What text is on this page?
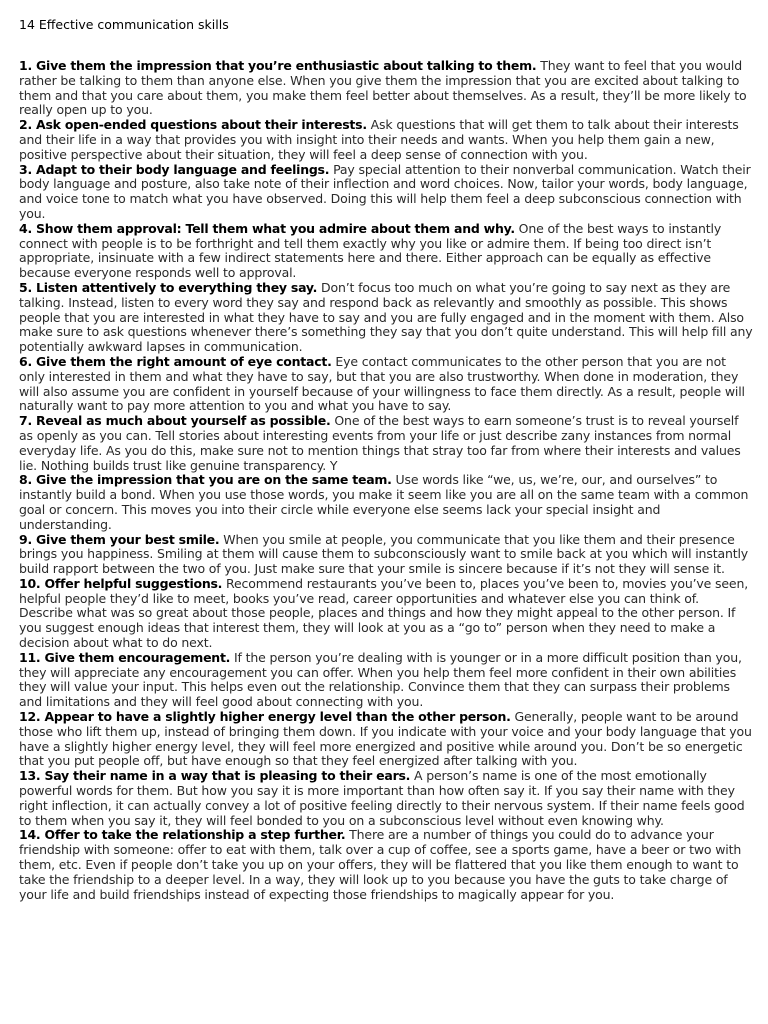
14 Effective communication skills

1. Give them the impression that you’re enthusiastic about talking to them. They want to feel that you would rather be talking to them than anyone else. When you give them the impression that you are excited about talking to them and that you care about them, you make them feel better about themselves. As a result, they’ll be more likely to really open up to you.

2. Ask open-ended questions about their interests. Ask questions that will get them to talk about their interests and their life in a way that provides you with insight into their needs and wants. When you help them gain a new, positive perspective about their situation, they will feel a deep sense of connection with you.

3. Adapt to their body language and feelings. Pay special attention to their nonverbal communication. Watch their body language and posture, also take note of their inflection and word choices. Now, tailor your words, body language, and voice tone to match what you have observed. Doing this will help them feel a deep subconscious connection with you.

4. Show them approval: Tell them what you admire about them and why. One of the best ways to instantly connect with people is to be forthright and tell them exactly why you like or admire them. If being too direct isn’t appropriate, insinuate with a few indirect statements here and there. Either approach can be equally as effective because everyone responds well to approval.

5. Listen attentively to everything they say. Don’t focus too much on what you’re going to say next as they are talking. Instead, listen to every word they say and respond back as relevantly and smoothly as possible. This shows people that you are interested in what they have to say and you are fully engaged and in the moment with them. Also make sure to ask questions whenever there’s something they say that you don’t quite understand. This will help fill any potentially awkward lapses in communication.

6. Give them the right amount of eye contact. Eye contact communicates to the other person that you are not only interested in them and what they have to say, but that you are also trustworthy. When done in moderation, they will also assume you are confident in yourself because of your willingness to face them directly. As a result, people will naturally want to pay more attention to you and what you have to say.

7. Reveal as much about yourself as possible. One of the best ways to earn someone’s trust is to reveal yourself as openly as you can. Tell stories about interesting events from your life or just describe zany instances from normal everyday life. As you do this, make sure not to mention things that stray too far from where their interests and values lie. Nothing builds trust like genuine transparency. Y

8. Give the impression that you are on the same team. Use words like “we, us, we’re, our, and ourselves” to instantly build a bond. When you use those words, you make it seem like you are all on the same team with a common goal or concern. This moves you into their circle while everyone else seems lack your special insight and understanding.

9. Give them your best smile. When you smile at people, you communicate that you like them and their presence brings you happiness. Smiling at them will cause them to subconsciously want to smile back at you which will instantly build rapport between the two of you. Just make sure that your smile is sincere because if it’s not they will sense it.

10. Offer helpful suggestions. Recommend restaurants you’ve been to, places you’ve been to, movies you’ve seen, helpful people they’d like to meet, books you’ve read, career opportunities and whatever else you can think of. Describe what was so great about those people, places and things and how they might appeal to the other person. If you suggest enough ideas that interest them, they will look at you as a “go to” person when they need to make a decision about what to do next.

11. Give them encouragement. If the person you’re dealing with is younger or in a more difficult position than you, they will appreciate any encouragement you can offer. When you help them feel more confident in their own abilities they will value your input. This helps even out the relationship. Convince them that they can surpass their problems and limitations and they will feel good about connecting with you.

12. Appear to have a slightly higher energy level than the other person. Generally, people want to be around those who lift them up, instead of bringing them down. If you indicate with your voice and your body language that you have a slightly higher energy level, they will feel more energized and positive while around you. Don’t be so energetic that you put people off, but have enough so that they feel energized after talking with you.

13. Say their name in a way that is pleasing to their ears. A person’s name is one of the most emotionally powerful words for them. But how you say it is more important than how often say it. If you say their name with they right inflection, it can actually convey a lot of positive feeling directly to their nervous system. If their name feels good to them when you say it, they will feel bonded to you on a subconscious level without even knowing why.

14. Offer to take the relationship a step further. There are a number of things you could do to advance your friendship with someone: offer to eat with them, talk over a cup of coffee, see a sports game, have a beer or two with them, etc. Even if people don’t take you up on your offers, they will be flattered that you like them enough to want to take the friendship to a deeper level. In a way, they will look up to you because you have the guts to take charge of your life and build friendships instead of expecting those friendships to magically appear for you.
